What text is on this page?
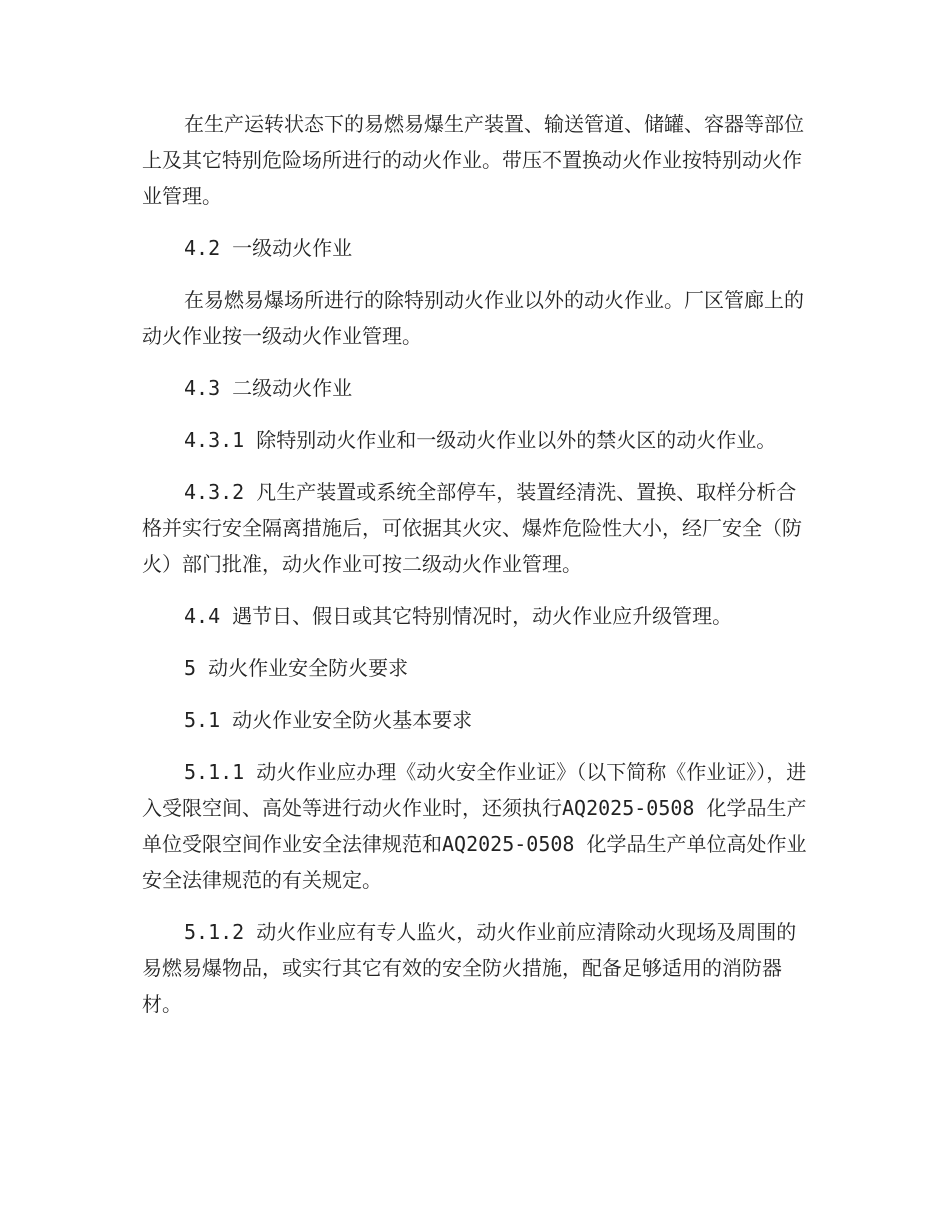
在生产运转状态下的易燃易爆生产装置、输送管道、储罐、容器等部位上及其它特别危险场所进行的动火作业。带压不置换动火作业按特别动火作业管理。

4.2 一级动火作业

在易燃易爆场所进行的除特别动火作业以外的动火作业。厂区管廊上的动火作业按一级动火作业管理。

4.3 二级动火作业

4.3.1 除特别动火作业和一级动火作业以外的禁火区的动火作业。

4.3.2 凡生产装置或系统全部停车，装置经清洗、置换、取样分析合格并实行安全隔离措施后，可依据其火灾、爆炸危险性大小，经厂安全（防火）部门批准，动火作业可按二级动火作业管理。

4.4 遇节日、假日或其它特别情况时，动火作业应升级管理。

5 动火作业安全防火要求

5.1 动火作业安全防火基本要求

5.1.1 动火作业应办理《动火安全作业证》（以下简称《作业证》），进入受限空间、高处等进行动火作业时，还须执行AQ2025-0508 化学品生产单位受限空间作业安全法律规范和AQ2025-0508 化学品生产单位高处作业安全法律规范的有关规定。

5.1.2 动火作业应有专人监火，动火作业前应清除动火现场及周围的易燃易爆物品，或实行其它有效的安全防火措施，配备足够适用的消防器材。
